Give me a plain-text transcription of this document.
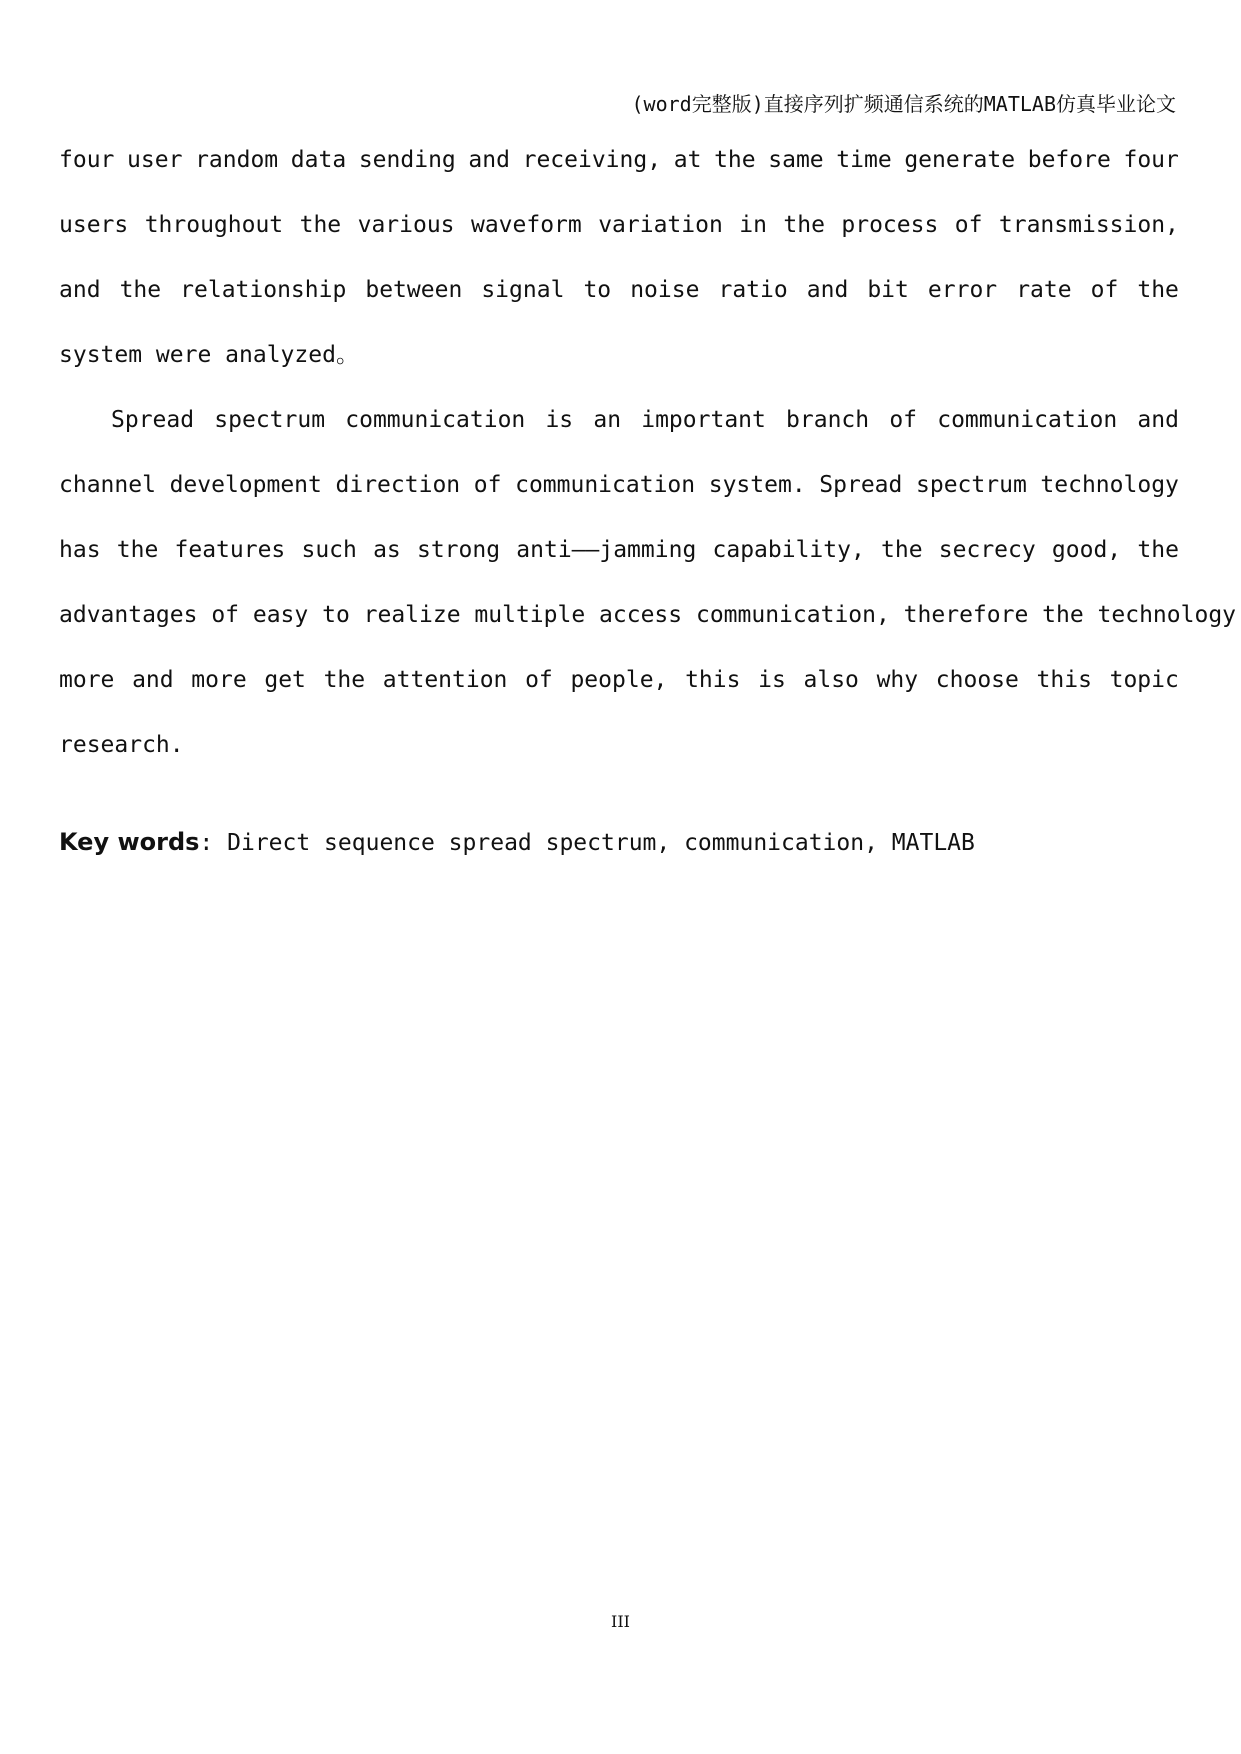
(word完整版)直接序列扩频通信系统的MATLAB仿真毕业论文
four user random data sending and receiving, at the same time generate before four
users throughout the various waveform variation in the process of transmission,
and the relationship between signal to noise ratio and bit error rate of the
system were analyzed。
Spread spectrum communication is an important branch of communication and
channel development direction of communication system. Spread spectrum technology
has the features such as strong anti——jamming capability, the secrecy good, the
advantages of easy to realize multiple access communication, therefore the technology
more and more get the attention of people, this is also why choose this topic
research.
Key words: Direct sequence spread spectrum, communication, MATLAB
III
